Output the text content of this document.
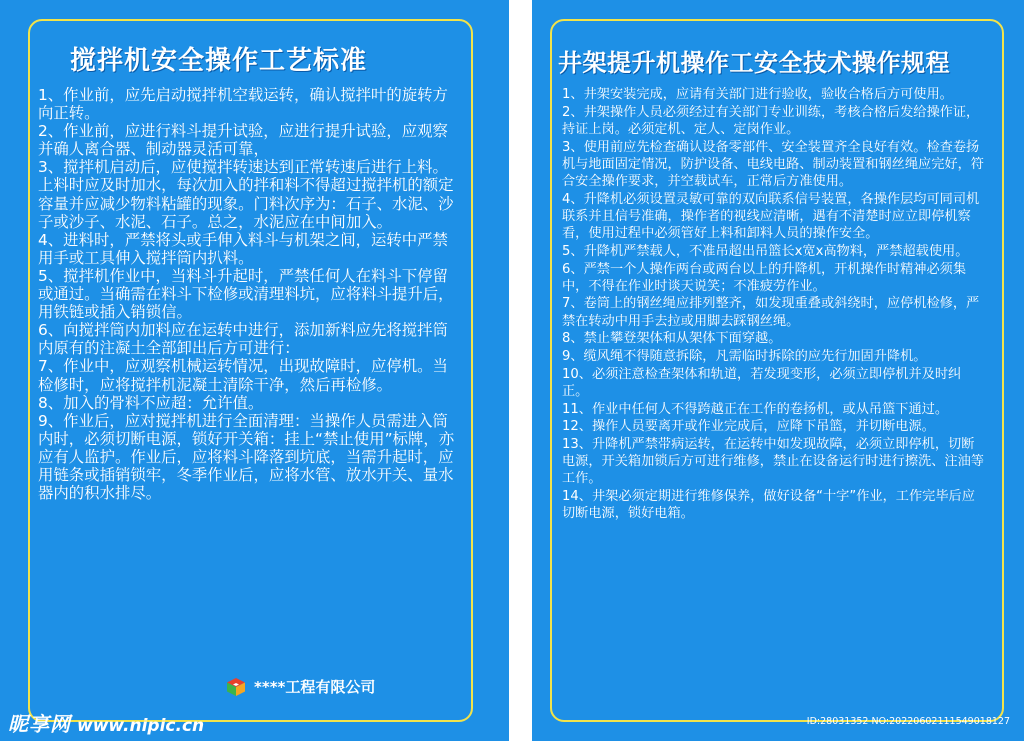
搅拌机安全操作工艺标准

1、作业前，应先启动搅拌机空载运转，确认搅拌叶的旋转方向正转。

2、作业前，应进行料斗提升试验，应进行提升试验，应观察并确人离合器、制动器灵活可靠，

3、搅拌机启动后，应使搅拌转速达到正常转速后进行上料。上料时应及时加水，每次加入的拌和料不得超过搅拌机的额定容量并应减少物料粘罐的现象。门料次序为：石子、水泥、沙子或沙子、水泥、石子。总之，水泥应在中间加入。

4、进料时，严禁将头或手伸入料斗与机架之间，运转中严禁用手或工具伸入搅拌筒内扒料。

5、搅拌机作业中，当料斗升起时，严禁任何人在料斗下停留或通过。当确需在料斗下检修或清理料坑，应将料斗提升后，用铁链或插入销锁信。

6、向搅拌筒内加料应在运转中进行，添加新料应先将搅拌筒内原有的注凝土全部卸出后方可进行：

7、作业中，应观察机械运转情况，出现故障时，应停机。当检修时，应将搅拌机泥凝土清除干净，然后再检修。

8、加入的骨料不应超：允许值。

9、作业后，应对搅拌机进行全面清理：当操作人员需进入筒内时，必须切断电源，锁好开关箱：挂上“禁止使用”标牌，亦应有人监护。作业后，应将料斗降落到坑底，当需升起时，应用链条或插销锁牢，冬季作业后，应将水管、放水开关、量水器内的积水排尽。

****工程有限公司
昵享网 www.nipic.cn
井架提升机操作工安全技术操作规程

1、井架安装完成，应请有关部门进行验收，验收合格后方可使用。

2、井架操作人员必须经过有关部门专业训练，考核合格后发给操作证，持证上岗。必须定机、定人、定岗作业。

3、使用前应先检查确认设备零部件、安全装置齐全良好有效。检查卷扬机与地面固定情况，防护设备、电线电路、制动装置和钢丝绳应完好，符合安全操作要求，并空载试车，正常后方准使用。

4、升降机必须设置灵敏可靠的双向联系信号装置，各操作层均可同司机联系并且信号准确，操作者的视线应清晰，遇有不清楚时应立即停机察看，使用过程中必须管好上料和卸料人员的操作安全。

5、升降机严禁载人，不准吊超出吊篮长x宽x高物料，严禁超载使用。

6、严禁一个人操作两台或两台以上的升降机，开机操作时精神必须集中，不得在作业时谈天说笑；不准疲劳作业。

7、卷筒上的钢丝绳应排列整齐，如发现重叠或斜绕时，应停机检修，严禁在转动中用手去拉或用脚去踩钢丝绳。

8、禁止攀登架体和从架体下面穿越。

9、缆风绳不得随意拆除，凡需临时拆除的应先行加固升降机。

10、必须注意检查架体和轨道，若发现变形，必须立即停机并及时纠正。

11、作业中任何人不得跨越正在工作的卷扬机，或从吊篮下通过。

12、操作人员要离开或作业完成后，应降下吊篮，并切断电源。

13、升降机严禁带病运转，在运转中如发现故障，必须立即停机，切断电源，开关箱加锁后方可进行维修，禁止在设备运行时进行擦洗、注油等工作。

14、井架必须定期进行维修保养，做好设备“十字”作业，工作完毕后应切断电源，锁好电箱。

ID:28031352 NO:20220602111549018127
